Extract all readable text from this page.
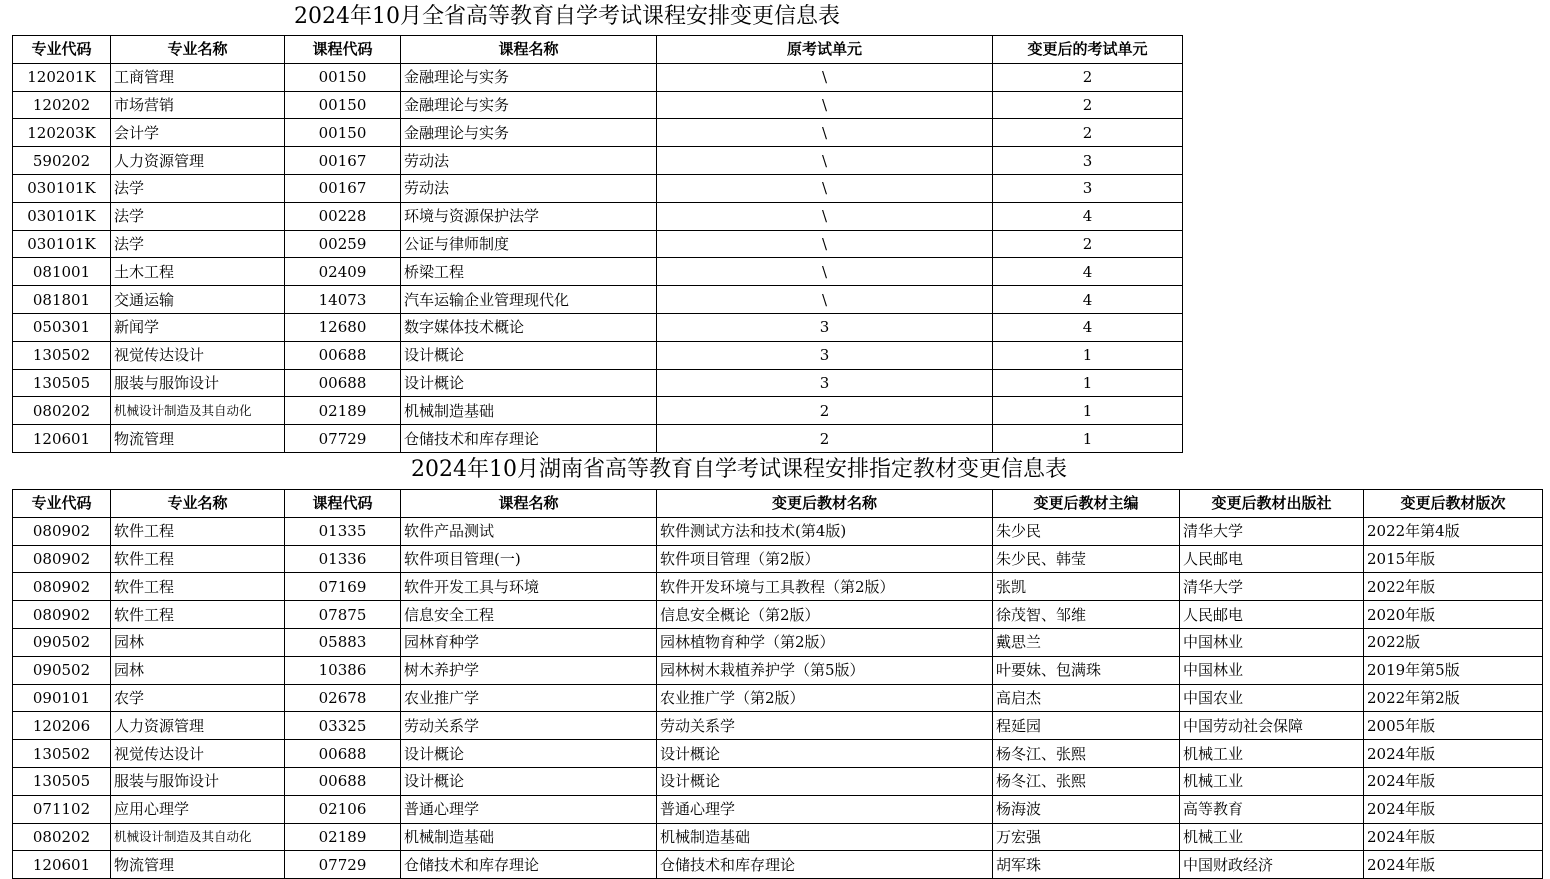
2024年10月全省高等教育自学考试课程安排变更信息表
专业代码	专业名称	课程代码	课程名称	原考试单元	变更后的考试单元
120201K	工商管理	00150	金融理论与实务	\	2
120202	市场营销	00150	金融理论与实务	\	2
120203K	会计学	00150	金融理论与实务	\	2
590202	人力资源管理	00167	劳动法	\	3
030101K	法学	00167	劳动法	\	3
030101K	法学	00228	环境与资源保护法学	\	4
030101K	法学	00259	公证与律师制度	\	2
081001	土木工程	02409	桥梁工程	\	4
081801	交通运输	14073	汽车运输企业管理现代化	\	4
050301	新闻学	12680	数字媒体技术概论	3	4
130502	视觉传达设计	00688	设计概论	3	1
130505	服装与服饰设计	00688	设计概论	3	1
080202	机械设计制造及其自动化	02189	机械制造基础	2	1
120601	物流管理	07729	仓储技术和库存理论	2	1
2024年10月湖南省高等教育自学考试课程安排指定教材变更信息表
专业代码	专业名称	课程代码	课程名称	变更后教材名称	变更后教材主编	变更后教材出版社	变更后教材版次
080902	软件工程	01335	软件产品测试	软件测试方法和技术(第4版)	朱少民	清华大学	2022年第4版
080902	软件工程	01336	软件项目管理(一)	软件项目管理（第2版）	朱少民、韩莹	人民邮电	2015年版
080902	软件工程	07169	软件开发工具与环境	软件开发环境与工具教程（第2版）	张凯	清华大学	2022年版
080902	软件工程	07875	信息安全工程	信息安全概论（第2版）	徐茂智、邹维	人民邮电	2020年版
090502	园林	05883	园林育种学	园林植物育种学（第2版）	戴思兰	中国林业	2022版
090502	园林	10386	树木养护学	园林树木栽植养护学（第5版）	叶要妹、包满珠	中国林业	2019年第5版
090101	农学	02678	农业推广学	农业推广学（第2版）	高启杰	中国农业	2022年第2版
120206	人力资源管理	03325	劳动关系学	劳动关系学	程延园	中国劳动社会保障	2005年版
130502	视觉传达设计	00688	设计概论	设计概论	杨冬江、张熙	机械工业	2024年版
130505	服装与服饰设计	00688	设计概论	设计概论	杨冬江、张熙	机械工业	2024年版
071102	应用心理学	02106	普通心理学	普通心理学	杨海波	高等教育	2024年版
080202	机械设计制造及其自动化	02189	机械制造基础	机械制造基础	万宏强	机械工业	2024年版
120601	物流管理	07729	仓储技术和库存理论	仓储技术和库存理论	胡军珠	中国财政经济	2024年版
